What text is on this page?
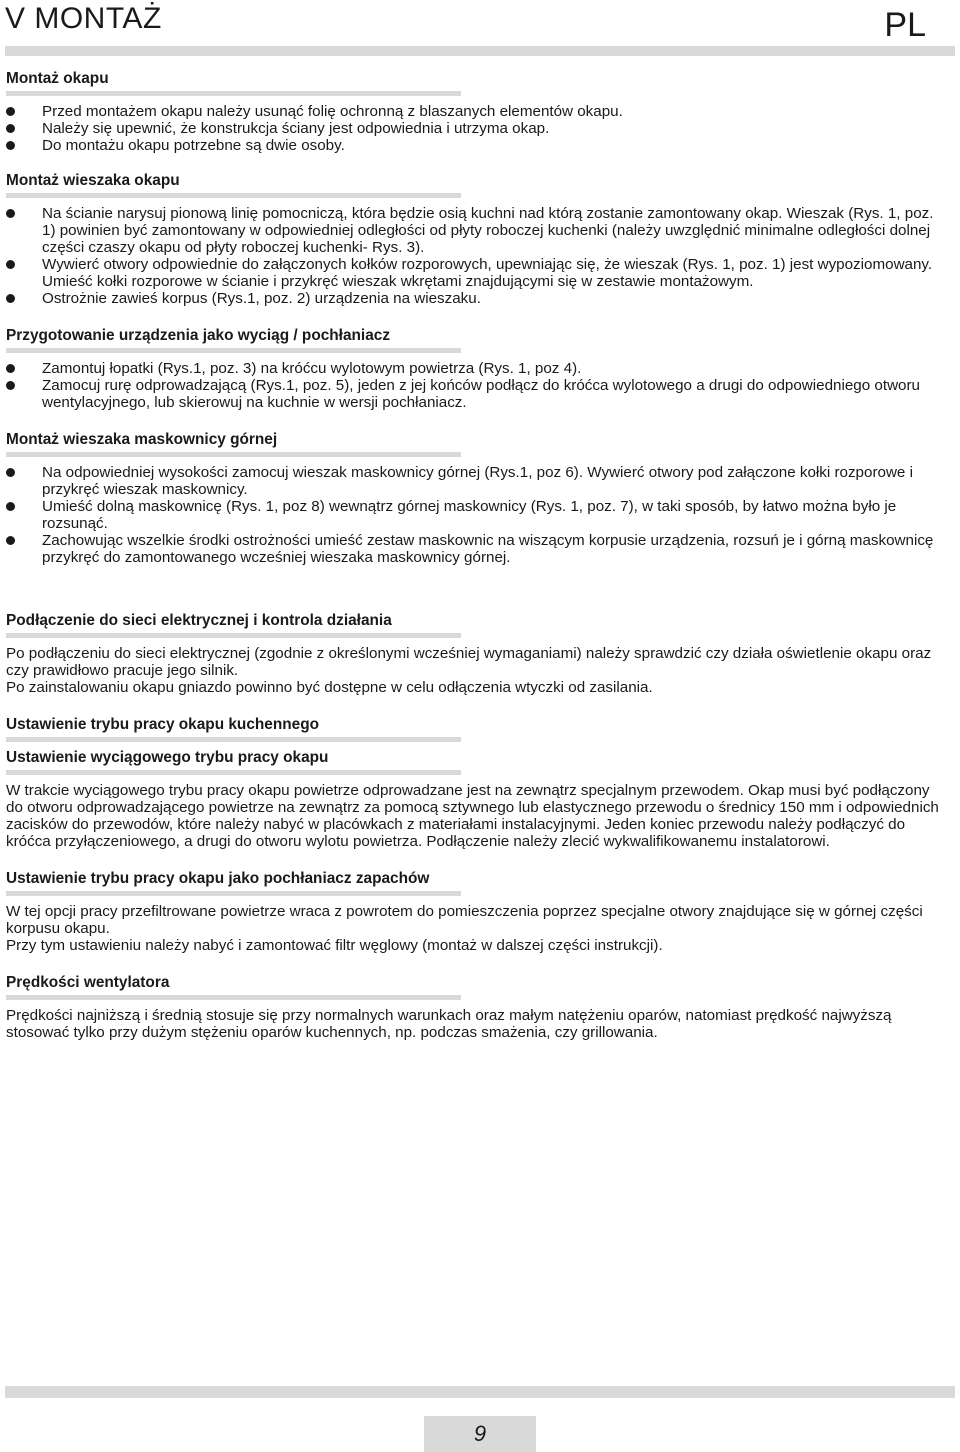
V MONTAŻ	PL
Montaż okapu
Przed montażem okapu należy usunąć folię ochronną z blaszanych elementów okapu.
Należy się upewnić, że konstrukcja ściany jest odpowiednia i utrzyma okap.
Do montażu okapu potrzebne są dwie osoby.
Montaż wieszaka okapu
Na ścianie narysuj pionową linię pomocniczą, która będzie osią kuchni nad którą zostanie zamontowany okap. Wieszak (Rys. 1, poz. 1) powinien być zamontowany w odpowiedniej odległości od płyty roboczej kuchenki (należy uwzględnić minimalne odległości dolnej części czaszy okapu od płyty roboczej kuchenki- Rys. 3).
Wywierć otwory odpowiednie do załączonych kołków rozporowych, upewniając się, że wieszak (Rys. 1, poz. 1) jest wypoziomowany. Umieść kołki rozporowe w ścianie i przykręć wieszak wkrętami znajdującymi się w zestawie montażowym.
Ostrożnie zawieś korpus (Rys.1, poz. 2) urządzenia na wieszaku.
Przygotowanie urządzenia jako wyciąg / pochłaniacz
Zamontuj łopatki (Rys.1, poz. 3) na króćcu wylotowym powietrza (Rys. 1, poz 4).
Zamocuj rurę odprowadzającą (Rys.1, poz. 5), jeden z jej końców podłącz do króćca wylotowego a drugi do odpowiedniego otworu wentylacyjnego, lub skierowuj na kuchnie w wersji pochłaniacz.
Montaż wieszaka maskownicy górnej
Na odpowiedniej wysokości zamocuj wieszak maskownicy górnej (Rys.1, poz 6). Wywierć otwory pod załączone kołki rozporowe i przykręć wieszak maskownicy.
Umieść dolną maskownicę (Rys. 1, poz 8) wewnątrz górnej maskownicy (Rys. 1, poz. 7), w taki sposób, by łatwo można było je rozsunąć.
Zachowując wszelkie środki ostrożności umieść zestaw maskownic na wiszącym korpusie urządzenia, rozsuń je i górną maskownicę przykręć do zamontowanego wcześniej wieszaka maskownicy górnej.
Podłączenie do sieci elektrycznej i kontrola działania

Po podłączeniu do sieci elektrycznej (zgodnie z określonymi wcześniej wymaganiami) należy sprawdzić czy działa oświetlenie okapu oraz czy prawidłowo pracuje jego silnik.

Po zainstalowaniu okapu gniazdo powinno być dostępne w celu odłączenia wtyczki od zasilania.

Ustawienie trybu pracy okapu kuchennego
Ustawienie wyciągowego trybu pracy okapu

W trakcie wyciągowego trybu pracy okapu powietrze odprowadzane jest na zewnątrz specjalnym przewodem. Okap musi być podłączony do otworu odprowadzającego powietrze na zewnątrz za pomocą sztywnego lub elastycznego przewodu o średnicy 150 mm i odpowiednich zacisków do przewodów, które należy nabyć w placówkach z materiałami instalacyjnymi. Jeden koniec przewodu należy podłączyć do króćca przyłączeniowego, a drugi do otworu wylotu powietrza. Podłączenie należy zlecić wykwalifikowanemu instalatorowi.

Ustawienie trybu pracy okapu jako pochłaniacz zapachów

W tej opcji pracy przefiltrowane powietrze wraca z powrotem do pomieszczenia poprzez specjalne otwory znajdujące się w górnej części korpusu okapu.

Przy tym ustawieniu należy nabyć i zamontować filtr węglowy (montaż w dalszej części instrukcji).

Prędkości wentylatora

Prędkości najniższą i średnią stosuje się przy normalnych warunkach oraz małym natężeniu oparów, natomiast prędkość najwyższą stosować tylko przy dużym stężeniu oparów kuchennych, np. podczas smażenia, czy grillowania.

9
